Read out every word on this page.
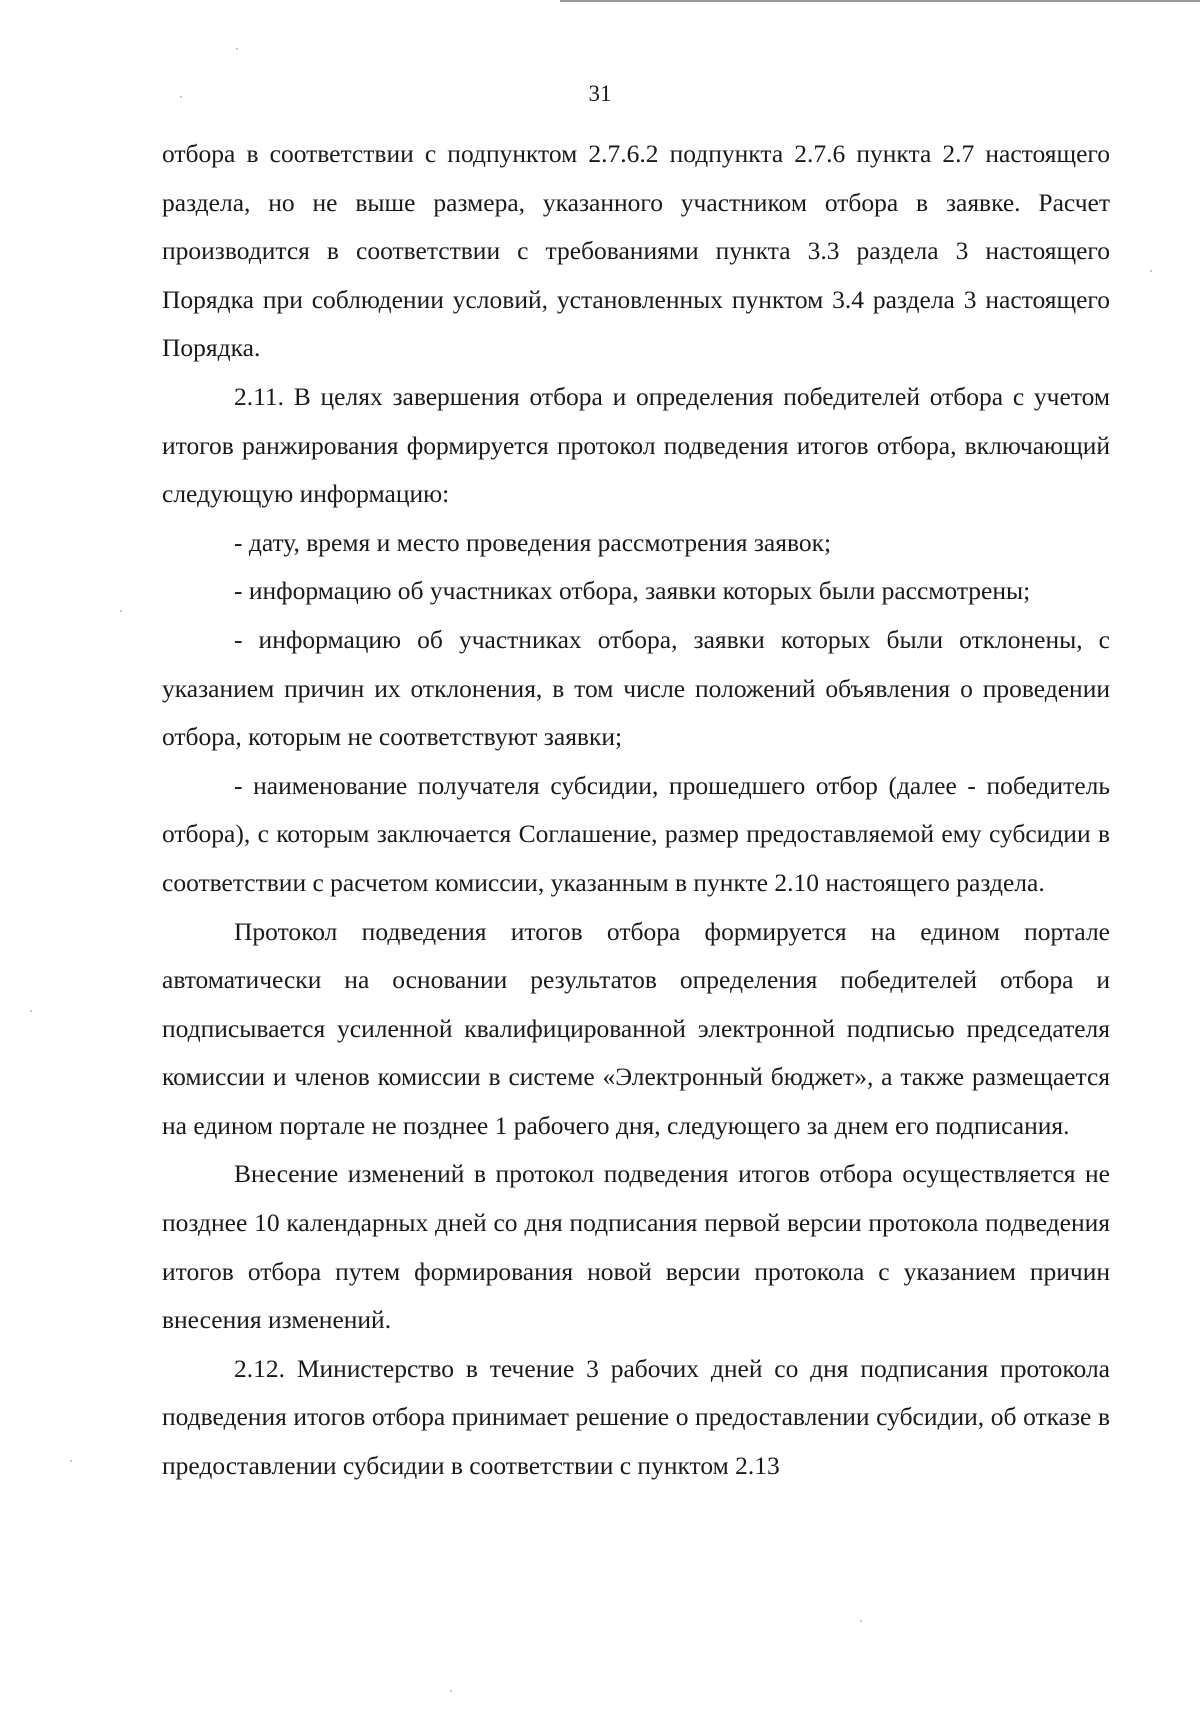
31

отбора в соответствии с подпунктом 2.7.6.2 подпункта 2.7.6 пункта 2.7 настоящего раздела, но не выше размера, указанного участником отбора в заявке. Расчет производится в соответствии с требованиями пункта 3.3 раздела 3 настоящего Порядка при соблюдении условий, установленных пунктом 3.4 раздела 3 настоящего Порядка.

2.11. В целях завершения отбора и определения победителей отбора с учетом итогов ранжирования формируется протокол подведения итогов отбора, включающий следующую информацию:

- дату, время и место проведения рассмотрения заявок;

- информацию об участниках отбора, заявки которых были рассмотрены;

- информацию об участниках отбора, заявки которых были отклонены, с указанием причин их отклонения, в том числе положений объявления о проведении отбора, которым не соответствуют заявки;

- наименование получателя субсидии, прошедшего отбор (далее - победитель отбора), с которым заключается Соглашение, размер предоставляемой ему субсидии в соответствии с расчетом комиссии, указанным в пункте 2.10 настоящего раздела.

Протокол подведения итогов отбора формируется на едином портале автоматически на основании результатов определения победителей отбора и подписывается усиленной квалифицированной электронной подписью председателя комиссии и членов комиссии в системе «Электронный бюджет», а также размещается на едином портале не позднее 1 рабочего дня, следующего за днем его подписания.

Внесение изменений в протокол подведения итогов отбора осуществляется не позднее 10 календарных дней со дня подписания первой версии протокола подведения итогов отбора путем формирования новой версии протокола с указанием причин внесения изменений.

2.12. Министерство в течение 3 рабочих дней со дня подписания протокола подведения итогов отбора принимает решение о предоставлении субсидии, об отказе в предоставлении субсидии в соответствии с пунктом 2.13
